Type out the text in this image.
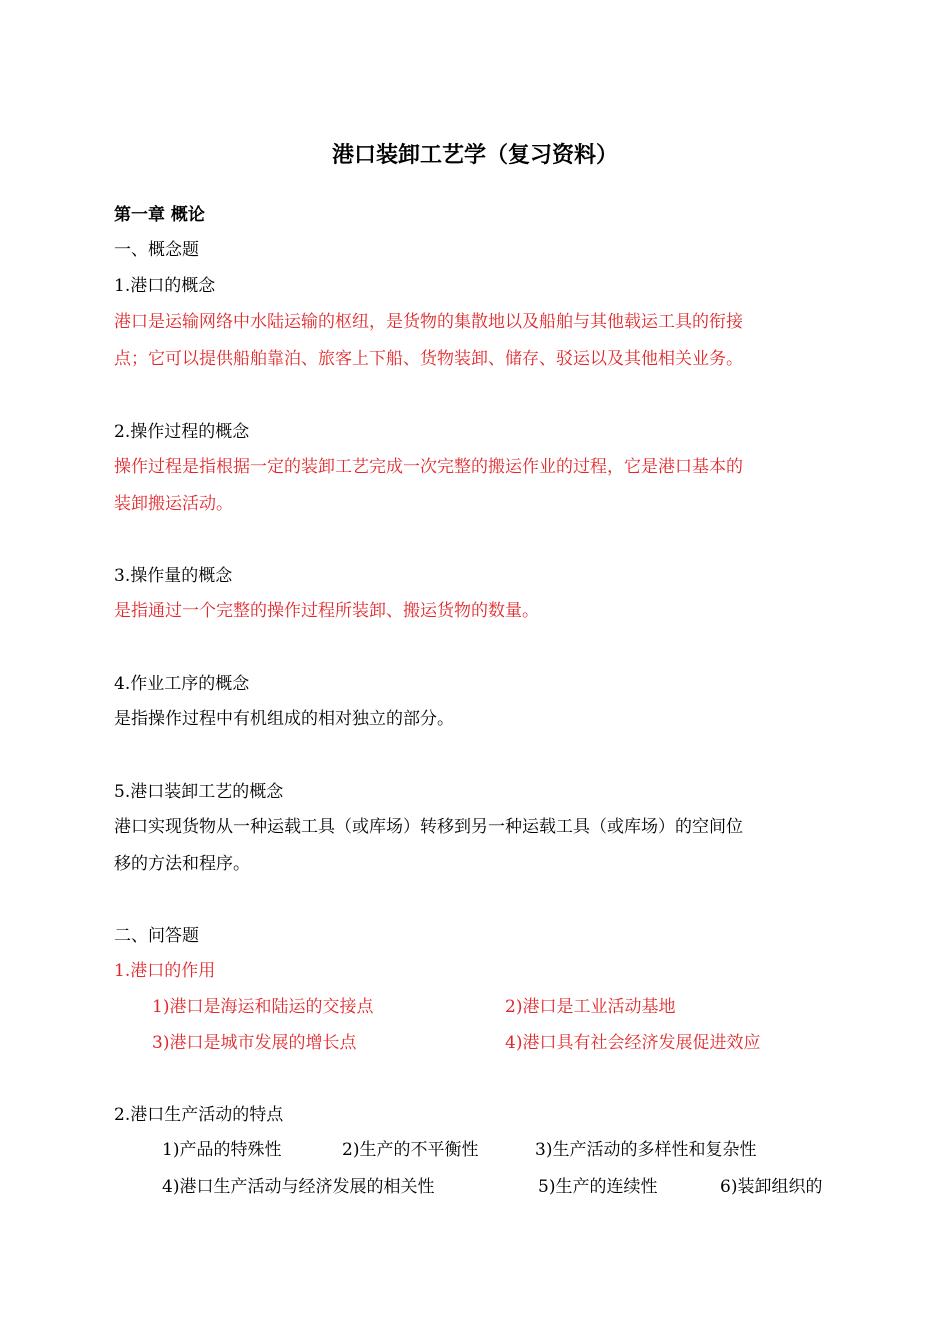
港口装卸工艺学（复习资料）
第一章 概论
一、概念题
1.港口的概念
港口是运输网络中水陆运输的枢纽，是货物的集散地以及船舶与其他载运工具的衔接
点；它可以提供船舶靠泊、旅客上下船、货物装卸、储存、驳运以及其他相关业务。
2.操作过程的概念
操作过程是指根据一定的装卸工艺完成一次完整的搬运作业的过程，它是港口基本的
装卸搬运活动。
3.操作量的概念
是指通过一个完整的操作过程所装卸、搬运货物的数量。
4.作业工序的概念
是指操作过程中有机组成的相对独立的部分。
5.港口装卸工艺的概念
港口实现货物从一种运载工具（或库场）转移到另一种运载工具（或库场）的空间位
移的方法和程序。
二、问答题
1.港口的作用
1)港口是海运和陆运的交接点	2)港口是工业活动基地
3)港口是城市发展的增长点	4)港口具有社会经济发展促进效应
2.港口生产活动的特点
1)产品的特殊性	2)生产的不平衡性	3)生产活动的多样性和复杂性
4)港口生产活动与经济发展的相关性	5)生产的连续性	6)装卸组织的
